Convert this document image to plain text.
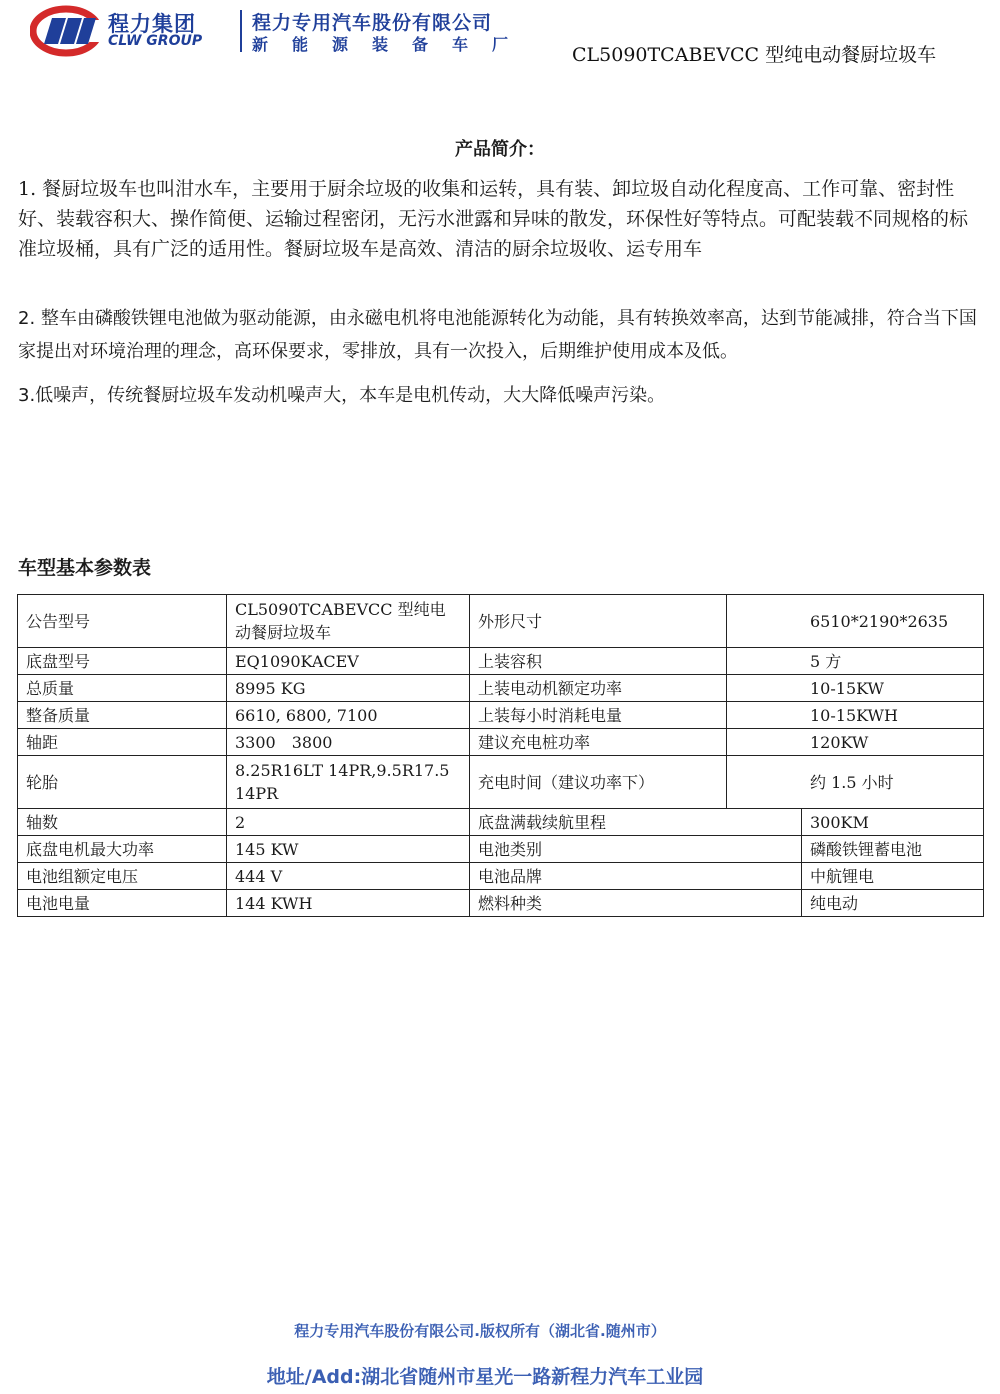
程力集团
CLW GROUP
程力专用汽车股份有限公司
新能源装备车厂 CL5090TCABEVCC 型纯电动餐厨垃圾车
产品简介：

1. 餐厨垃圾车也叫泔水车，主要用于厨余垃圾的收集和运转，具有装、卸垃圾自动化程度高、工作可靠、密封性好、装载容积大、操作简便、运输过程密闭，无污水泄露和异味的散发，环保性好等特点。可配装载不同规格的标准垃圾桶，具有广泛的适用性。餐厨垃圾车是高效、清洁的厨余垃圾收、运专用车

2. 整车由磷酸铁锂电池做为驱动能源，由永磁电机将电池能源转化为动能，具有转换效率高，达到节能减排，符合当下国家提出对环境治理的理念，高环保要求，零排放，具有一次投入，后期维护使用成本及低。

3.低噪声，传统餐厨垃圾车发动机噪声大，本车是电机传动，大大降低噪声污染。

车型基本参数表
公告型号	CL5090TCABEVCC 型纯电动餐厨垃圾车	外形尺寸	6510*2190*2635	
底盘型号	EQ1090KACEV	上装容积	5 方	
总质量	8995 KG	上装电动机额定功率	10-15KW	
整备质量	6610, 6800, 7100	上装每小时消耗电量	10-15KWH	
轴距	3300　3800	建议充电桩功率	120KW	
轮胎	8.25R16LT 14PR,9.5R17.5 14PR	充电时间（建议功率下）	约 1.5 小时	
轴数	2	底盘满载续航里程		300KM
底盘电机最大功率	145 KW	电池类别		磷酸铁锂蓄电池
电池组额定电压	444 V	电池品牌		中航锂电
电池电量	144 KWH	燃料种类		纯电动
程力专用汽车股份有限公司.版权所有（湖北省.随州市）
地址/Add:湖北省随州市星光一路新程力汽车工业园
